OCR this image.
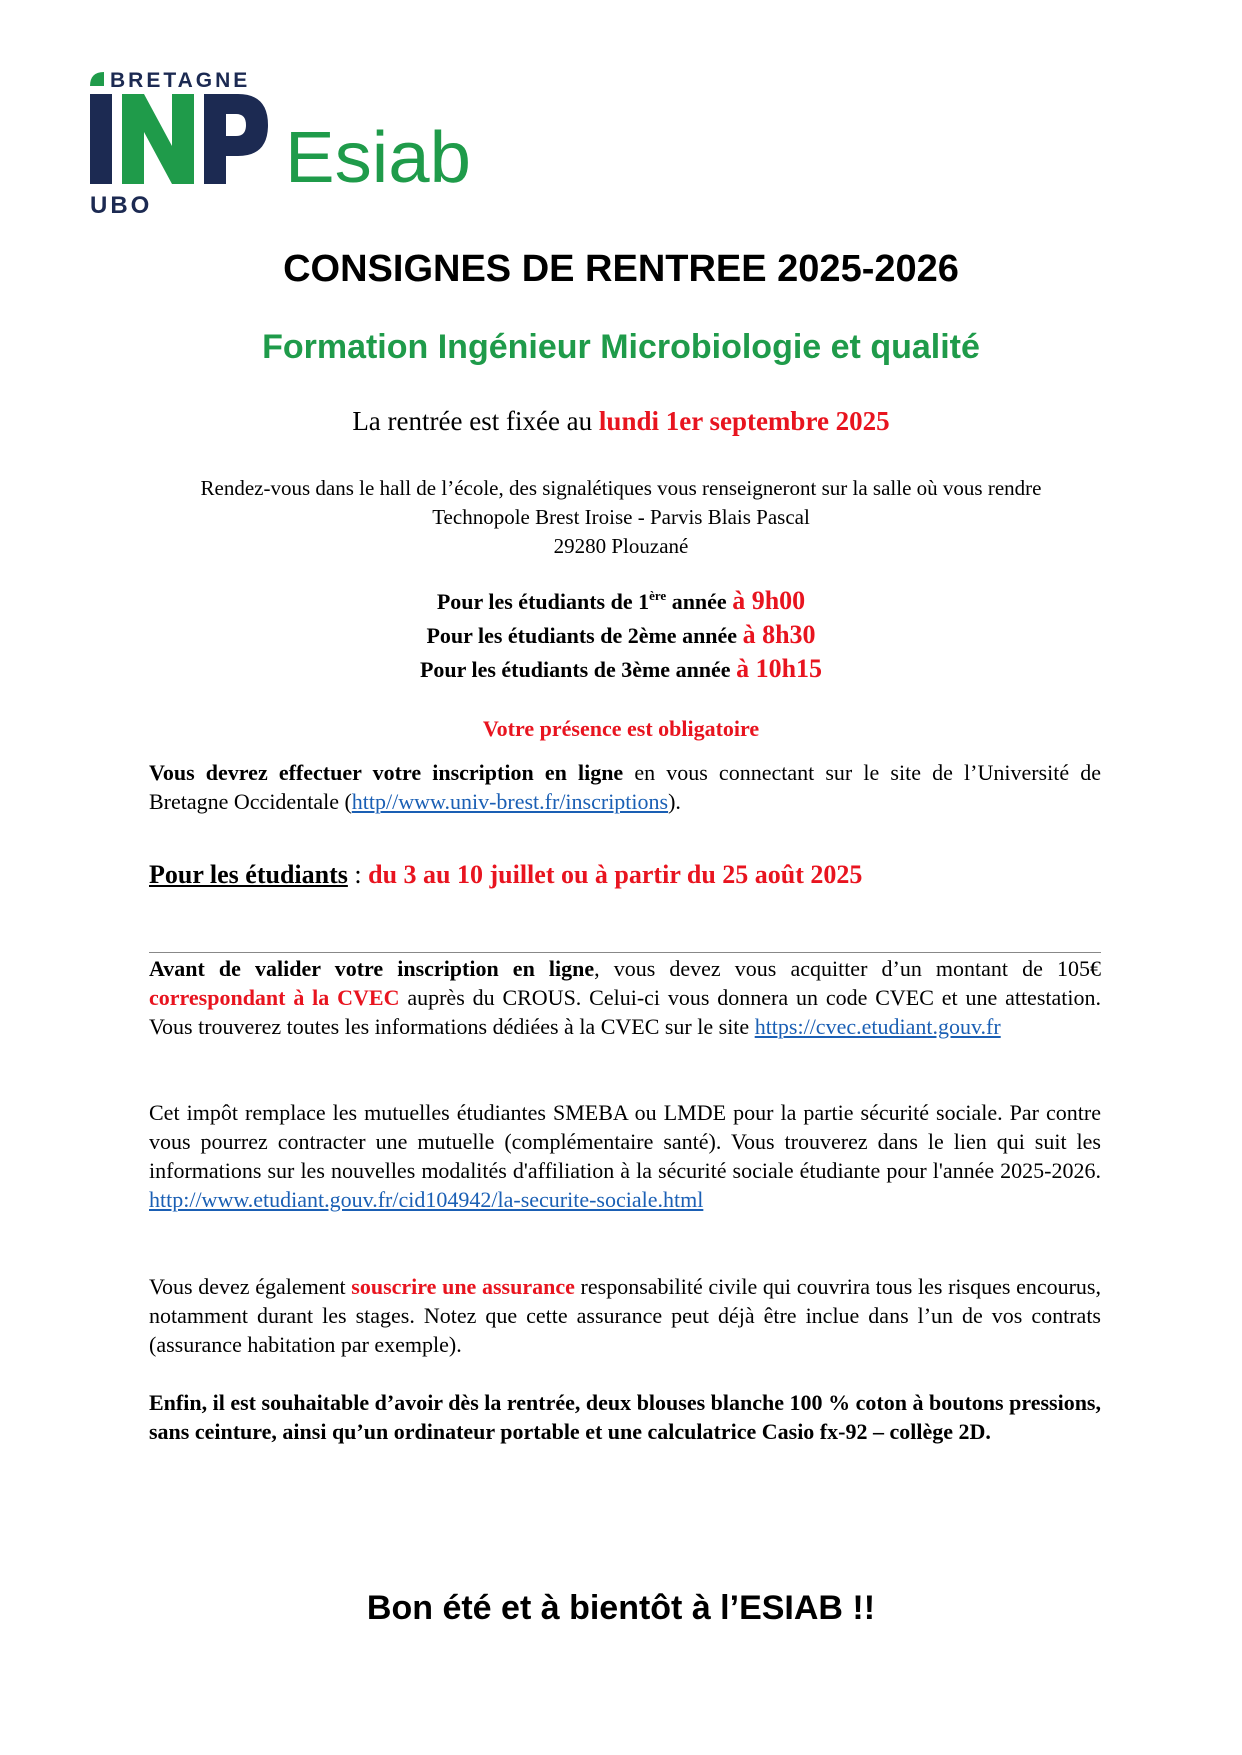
BRETAGNE
UBO
Esiab
CONSIGNES DE RENTREE 2025-2026
Formation Ingénieur Microbiologie et qualité
La rentrée est fixée au lundi 1er septembre 2025
Rendez-vous dans le hall de l’école, des signalétiques vous renseigneront sur la salle où vous rendre
Technopole Brest Iroise - Parvis Blais Pascal
29280 Plouzané
Pour les étudiants de 1ère année à 9h00
Pour les étudiants de 2ème année à 8h30
Pour les étudiants de 3ème année à 10h15
Votre présence est obligatoire
Vous devrez effectuer votre inscription en ligne en vous connectant sur le site de l’Université de Bretagne Occidentale (http//www.univ-brest.fr/inscriptions).
Pour les étudiants : du 3 au 10 juillet ou à partir du 25 août 2025
Avant de valider votre inscription en ligne, vous devez vous acquitter d’un montant de 105€ correspondant à la CVEC auprès du CROUS. Celui-ci vous donnera un code CVEC et une attestation. Vous trouverez toutes les informations dédiées à la CVEC sur le site https://cvec.etudiant.gouv.fr
Cet impôt remplace les mutuelles étudiantes SMEBA ou LMDE pour la partie sécurité sociale. Par contre vous pourrez contracter une mutuelle (complémentaire santé). Vous trouverez dans le lien qui suit les informations sur les nouvelles modalités d'affiliation à la sécurité sociale étudiante pour l'année 2025-2026. http://www.etudiant.gouv.fr/cid104942/la-securite-sociale.html
Vous devez également souscrire une assurance responsabilité civile qui couvrira tous les risques encourus, notamment durant les stages. Notez que cette assurance peut déjà être inclue dans l’un de vos contrats (assurance habitation par exemple).
Enfin, il est souhaitable d’avoir dès la rentrée, deux blouses blanche 100 % coton à boutons pressions, sans ceinture, ainsi qu’un ordinateur portable et une calculatrice Casio fx-92 – collège 2D.
Bon été et à bientôt à l’ESIAB !!
